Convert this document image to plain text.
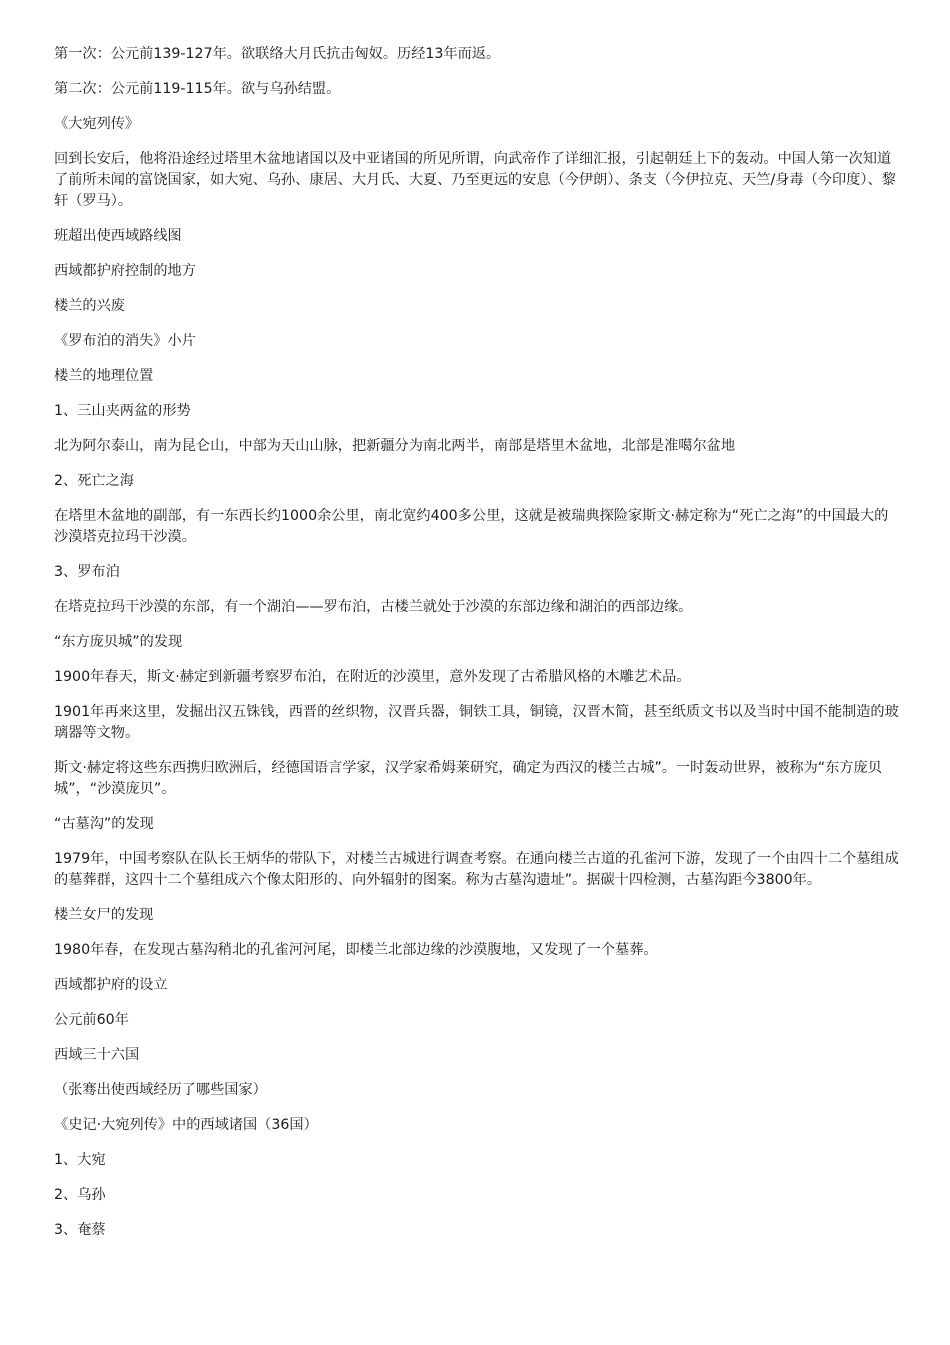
第一次：公元前139-127年。欲联络大月氏抗击匈奴。历经13年而返。

第二次：公元前119-115年。欲与乌孙结盟。

《大宛列传》

回到长安后，他将沿途经过塔里木盆地诸国以及中亚诸国的所见所谓，向武帝作了详细汇报，引起朝廷上下的轰动。中国人第一次知道了前所未闻的富饶国家，如大宛、乌孙、康居、大月氏、大夏、乃至更远的安息（今伊朗）、条支（今伊拉克、天竺/身毒（今印度）、黎轩（罗马）。

班超出使西域路线图

西域都护府控制的地方

楼兰的兴废

《罗布泊的消失》小片

楼兰的地理位置

1、三山夹两盆的形势

北为阿尔泰山，南为昆仑山，中部为天山山脉，把新疆分为南北两半，南部是塔里木盆地，北部是准噶尔盆地

2、死亡之海

在塔里木盆地的副部，有一东西长约1000余公里，南北宽约400多公里，这就是被瑞典探险家斯文·赫定称为“死亡之海”的中国最大的沙漠塔克拉玛干沙漠。

3、罗布泊

在塔克拉玛干沙漠的东部，有一个湖泊——罗布泊，古楼兰就处于沙漠的东部边缘和湖泊的西部边缘。

“东方庞贝城”的发现

1900年春天，斯文·赫定到新疆考察罗布泊，在附近的沙漠里，意外发现了古希腊风格的木雕艺术品。

1901年再来这里，发掘出汉五铢钱，西晋的丝织物，汉晋兵器，铜铁工具，铜镜，汉晋木简，甚至纸质文书以及当时中国不能制造的玻璃器等文物。

斯文·赫定将这些东西携归欧洲后，经德国语言学家，汉学家希姆莱研究，确定为西汉的楼兰古城”。一时轰动世界，被称为“东方庞贝城”，“沙漠庞贝”。

“古墓沟”的发现

1979年，中国考察队在队长王炳华的带队下，对楼兰古城进行调查考察。在通向楼兰古道的孔雀河下游，发现了一个由四十二个墓组成的墓葬群，这四十二个墓组成六个像太阳形的、向外辐射的图案。称为古墓沟遗址”。据碳十四检测，古墓沟距今3800年。

楼兰女尸的发现

1980年春，在发现古墓沟稍北的孔雀河河尾，即楼兰北部边缘的沙漠腹地，又发现了一个墓葬。

西域都护府的设立

公元前60年

西域三十六国

（张骞出使西域经历了哪些国家）

《史记·大宛列传》中的西域诸国（36国）

1、大宛

2、乌孙

3、奄蔡
